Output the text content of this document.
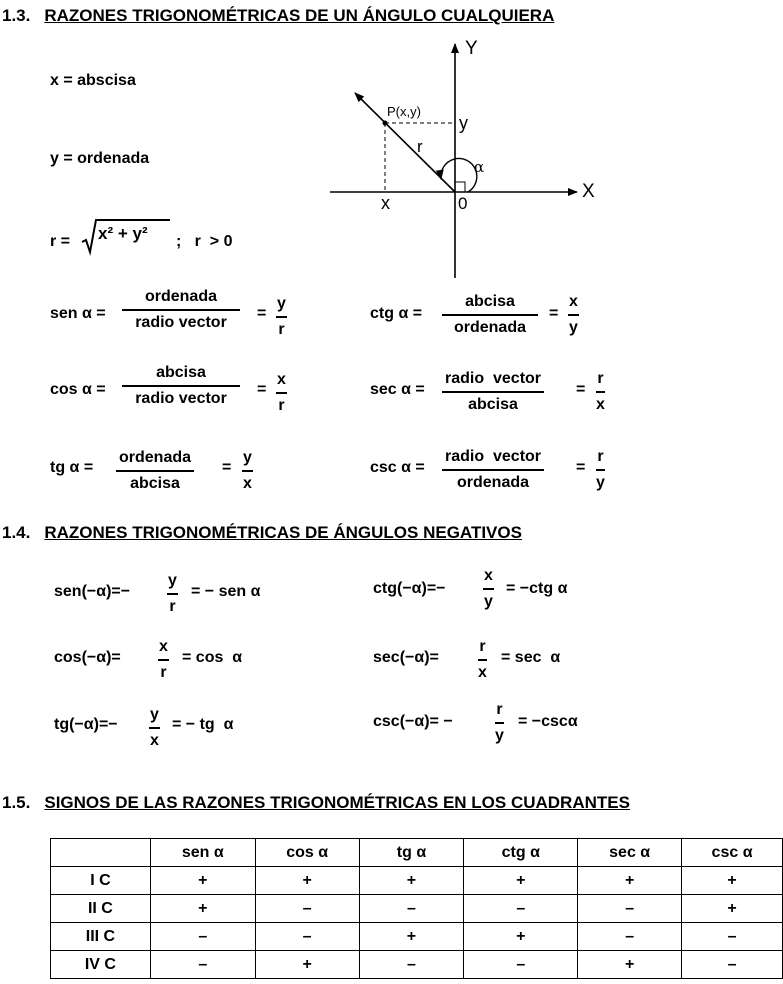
1.3. RAZONES TRIGONOMÉTRICAS DE UN ÁNGULO CUALQUIERA
x = abscisa
y = ordenada
r = x² + y² ;   r  > 0
Y
X
P(x,y)
y
x
r
0
α
sen α =
ordenada
radio vector
= $\frac{y}{r}$
cos α =
abcisa
radio vector
= $\frac{x}{r}$
tg α =
ordenada
abcisa
= $\frac{y}{x}$
ctg α =
abcisa
ordenada
= $\frac{x}{y}$
sec α =
radio  vector
abcisa
= $\frac{r}{x}$
csc α =
radio  vector
ordenada
= $\frac{r}{y}$
1.4. RAZONES TRIGONOMÉTRICAS DE ÁNGULOS NEGATIVOS
$sen(-\alpha)=- \frac{y}{r}$ = − sen α
$\cos(-\alpha)= \frac{x}{r} = \cos \alpha$
$tg(-\alpha)=- \frac{y}{x}$ = − tg  α
$ctg(-\alpha)=- \frac{x}{y} = -ctg$ α
$\sec(-\alpha)= \frac{r}{x} = \sec \alpha$
csc(−α)= −	$\frac{r}{y} = -\csc\alpha$
1.5. SIGNOS DE LAS RAZONES TRIGONOMÉTRICAS EN LOS CUADRANTES
	sen α	cos α	tg α	ctg α	sec α	csc α
I C	+	+	+	+	+	+
II C	+	–	–	–	–	+
III C	–	–	+	+	–	–
IV C	–	+	–	–	+	–
